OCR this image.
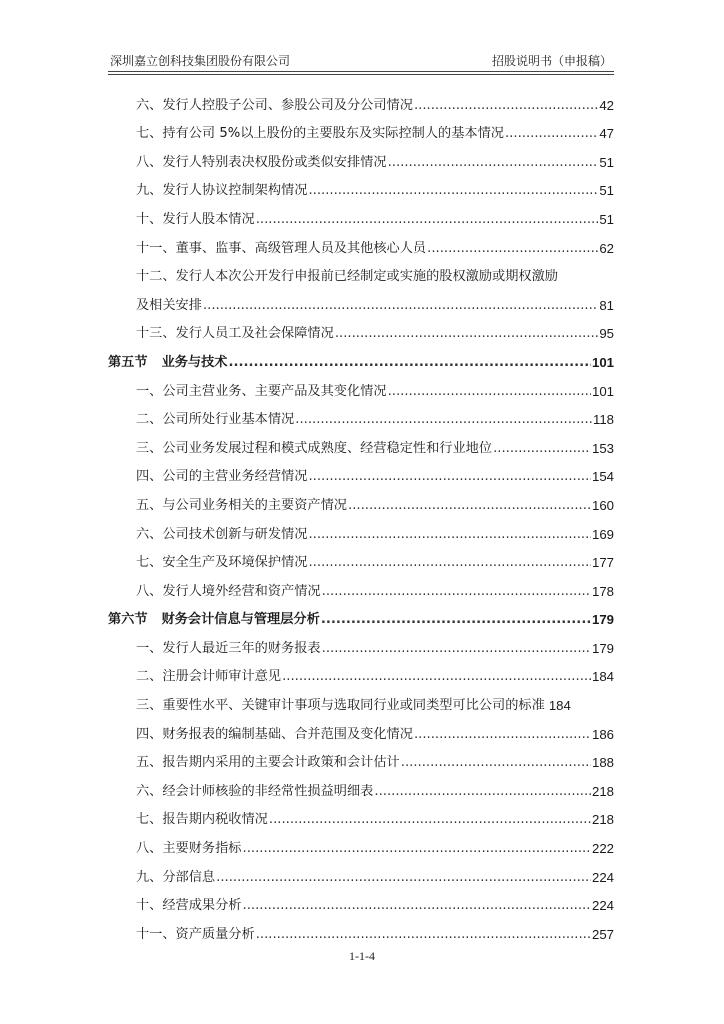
深圳嘉立创科技集团股份有限公司	招股说明书（申报稿）
六、发行人控股子公司、参股公司及分公司情况 .....	42
七、持有公司 5%以上股份的主要股东及实际控制人的基本情况 .....	47
八、发行人特别表决权股份或类似安排情况 .....	51
九、发行人协议控制架构情况 .....	51
十、发行人股本情况 .....	51
十一、董事、监事、高级管理人员及其他核心人员 .....	62
十二、发行人本次公开发行申报前已经制定或实施的股权激励或期权激励
及相关安排 .....	81
十三、发行人员工及社会保障情况 .....	95
第五节 业务与技术 .....	101
一、公司主营业务、主要产品及其变化情况 .....	101
二、公司所处行业基本情况 .....	118
三、公司业务发展过程和模式成熟度、经营稳定性和行业地位 .....	153
四、公司的主营业务经营情况 .....	154
五、与公司业务相关的主要资产情况 .....	160
六、公司技术创新与研发情况 .....	169
七、安全生产及环境保护情况 .....	177
八、发行人境外经营和资产情况 .....	178
第六节 财务会计信息与管理层分析 .....	179
一、发行人最近三年的财务报表 .....	179
二、注册会计师审计意见 .....	184
三、重要性水平、关键审计事项与选取同行业或同类型可比公司的标准 184
四、财务报表的编制基础、合并范围及变化情况 .....	186
五、报告期内采用的主要会计政策和会计估计 .....	188
六、经会计师核验的非经常性损益明细表 .....	218
七、报告期内税收情况 .....	218
八、主要财务指标 .....	222
九、分部信息 .....	224
十、经营成果分析 .....	224
十一、资产质量分析 .....	257
1-1-4
